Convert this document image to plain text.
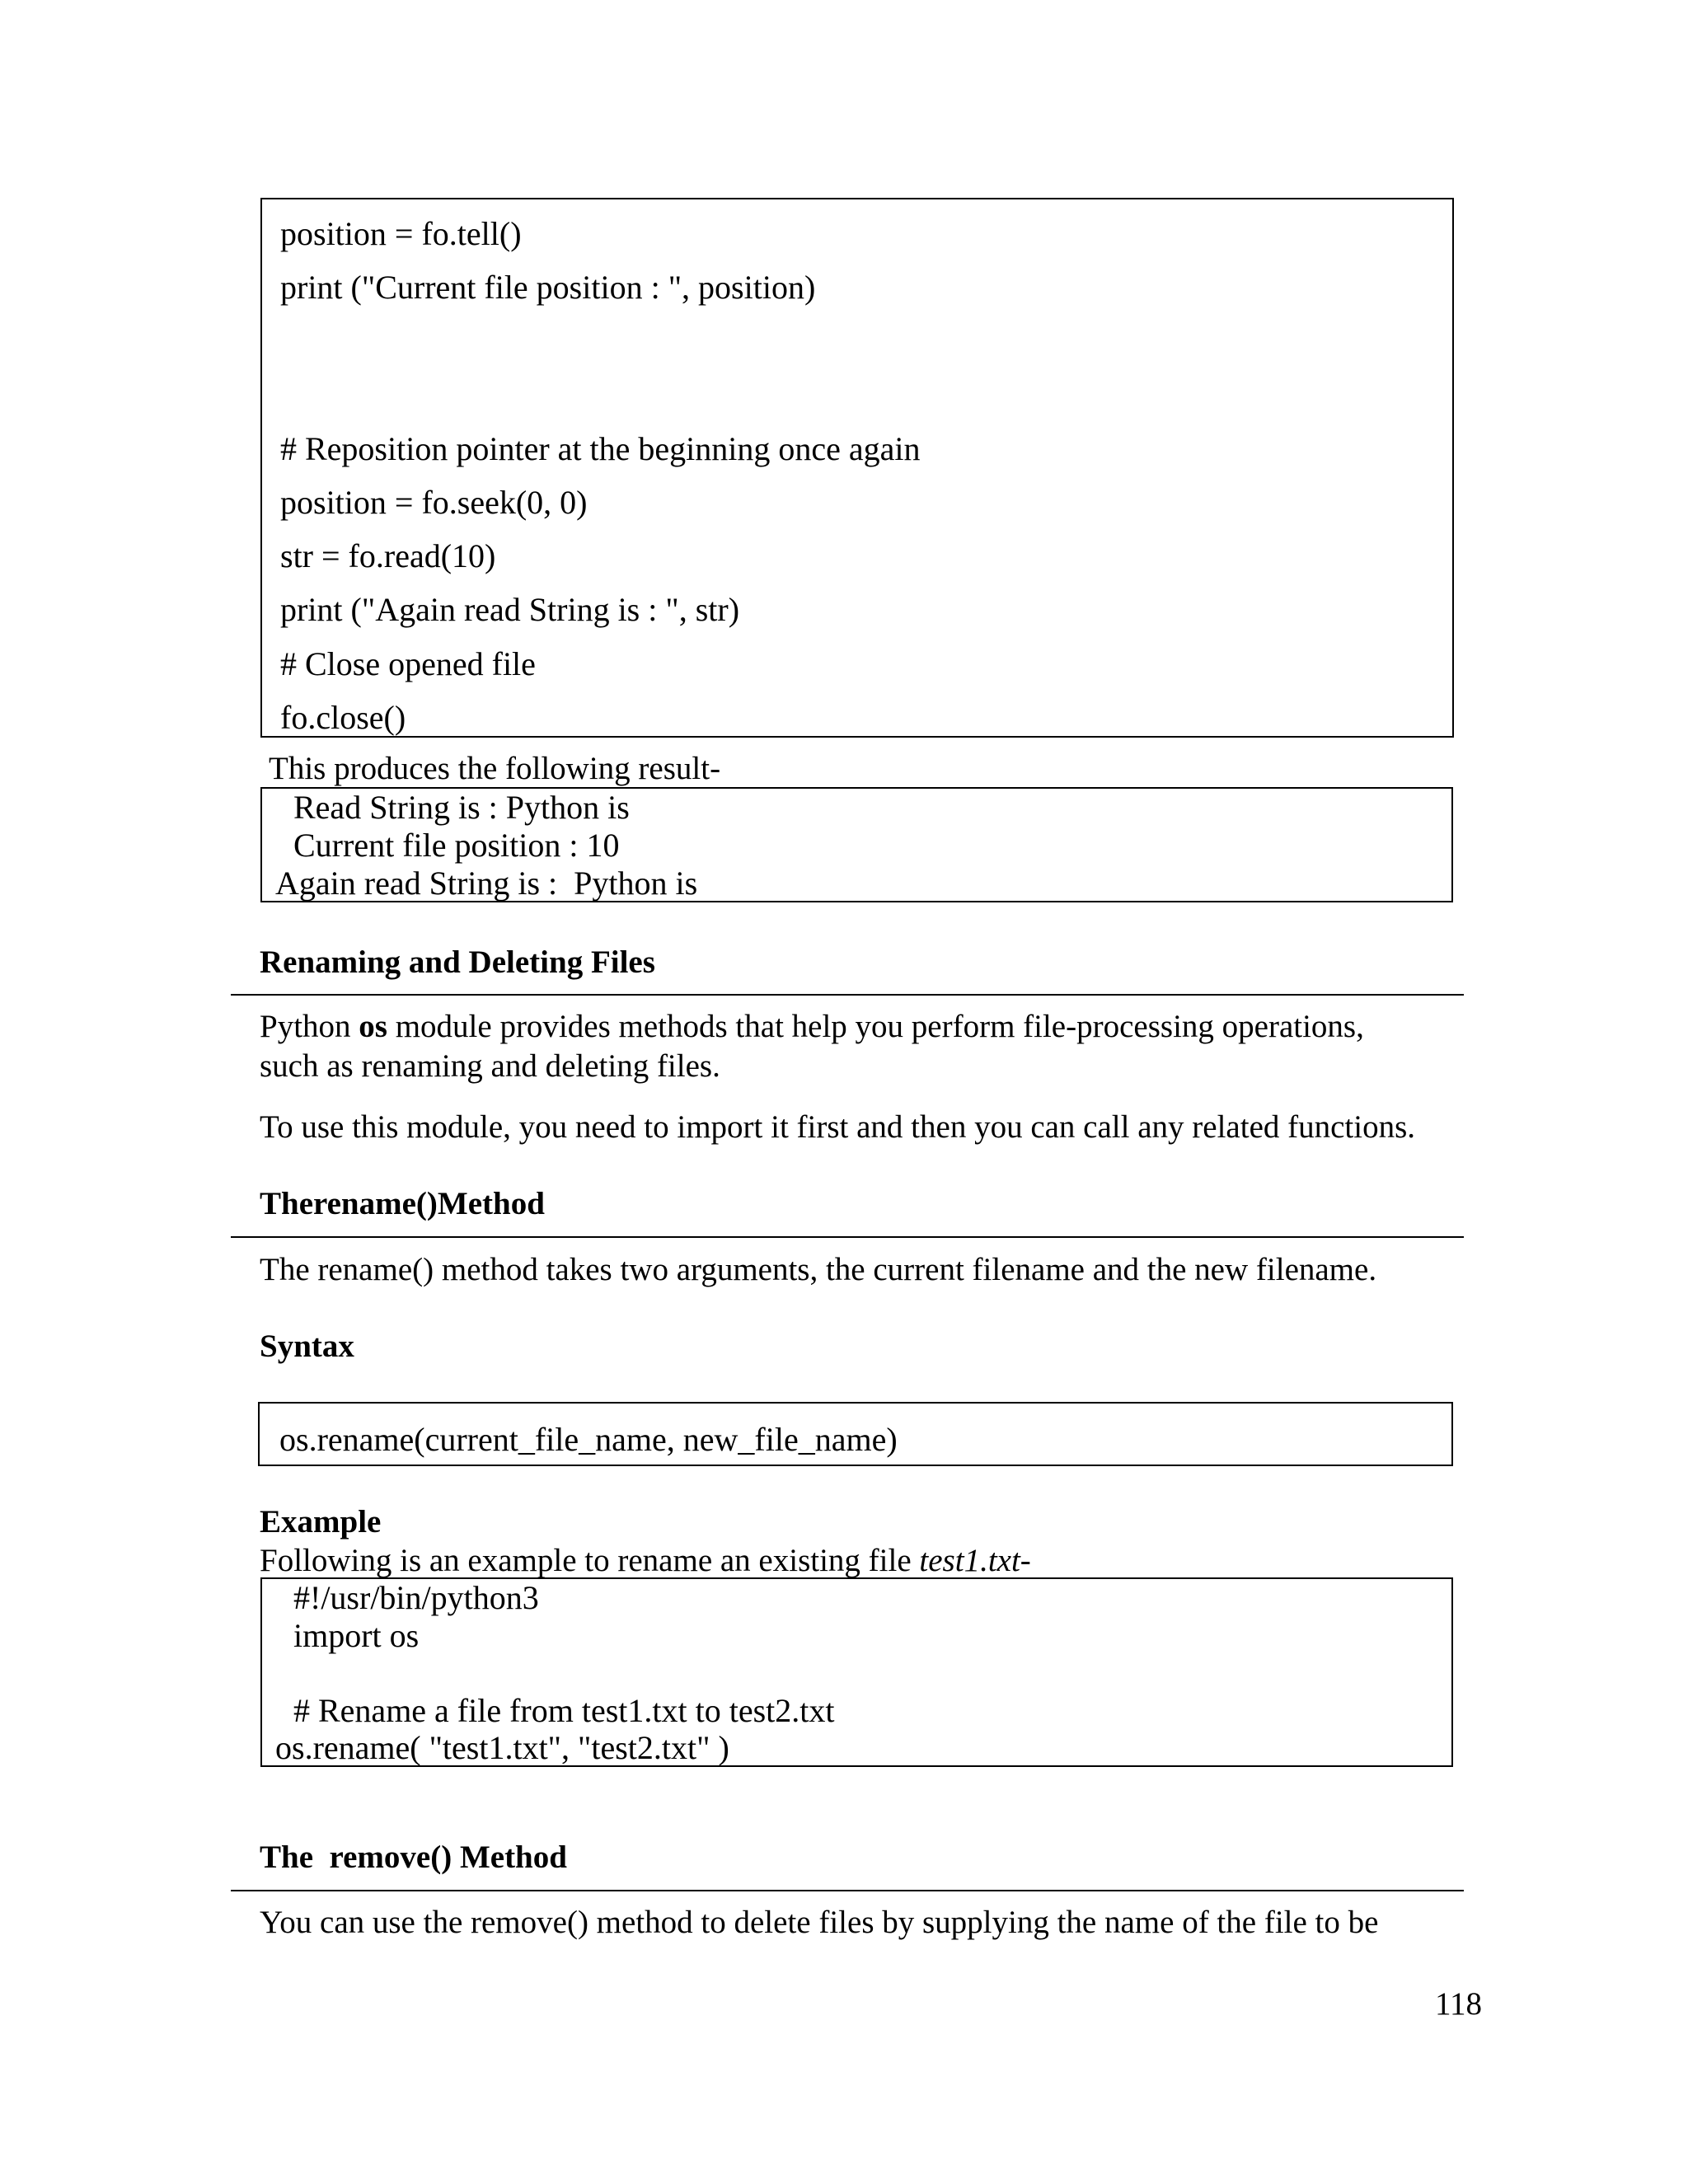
position = fo.tell()
print ("Current file position : ", position)
# Reposition pointer at the beginning once again
position = fo.seek(0, 0)
str = fo.read(10)
print ("Again read String is : ", str)
# Close opened file
fo.close()
This produces the following result-
Read String is : Python is
Current file position : 10
Again read String is :  Python is
Renaming and Deleting Files
Python os module provides methods that help you perform file-processing operations,
such as renaming and deleting files.
To use this module, you need to import it first and then you can call any related functions.
Therename()Method
The rename() method takes two arguments, the current filename and the new filename.
Syntax
os.rename(current_file_name, new_file_name)
Example
Following is an example to rename an existing file test1.txt-
#!/usr/bin/python3
import os
# Rename a file from test1.txt to test2.txt
os.rename( "test1.txt", "test2.txt" )
The  remove() Method
You can use the remove() method to delete files by supplying the name of the file to be
118
